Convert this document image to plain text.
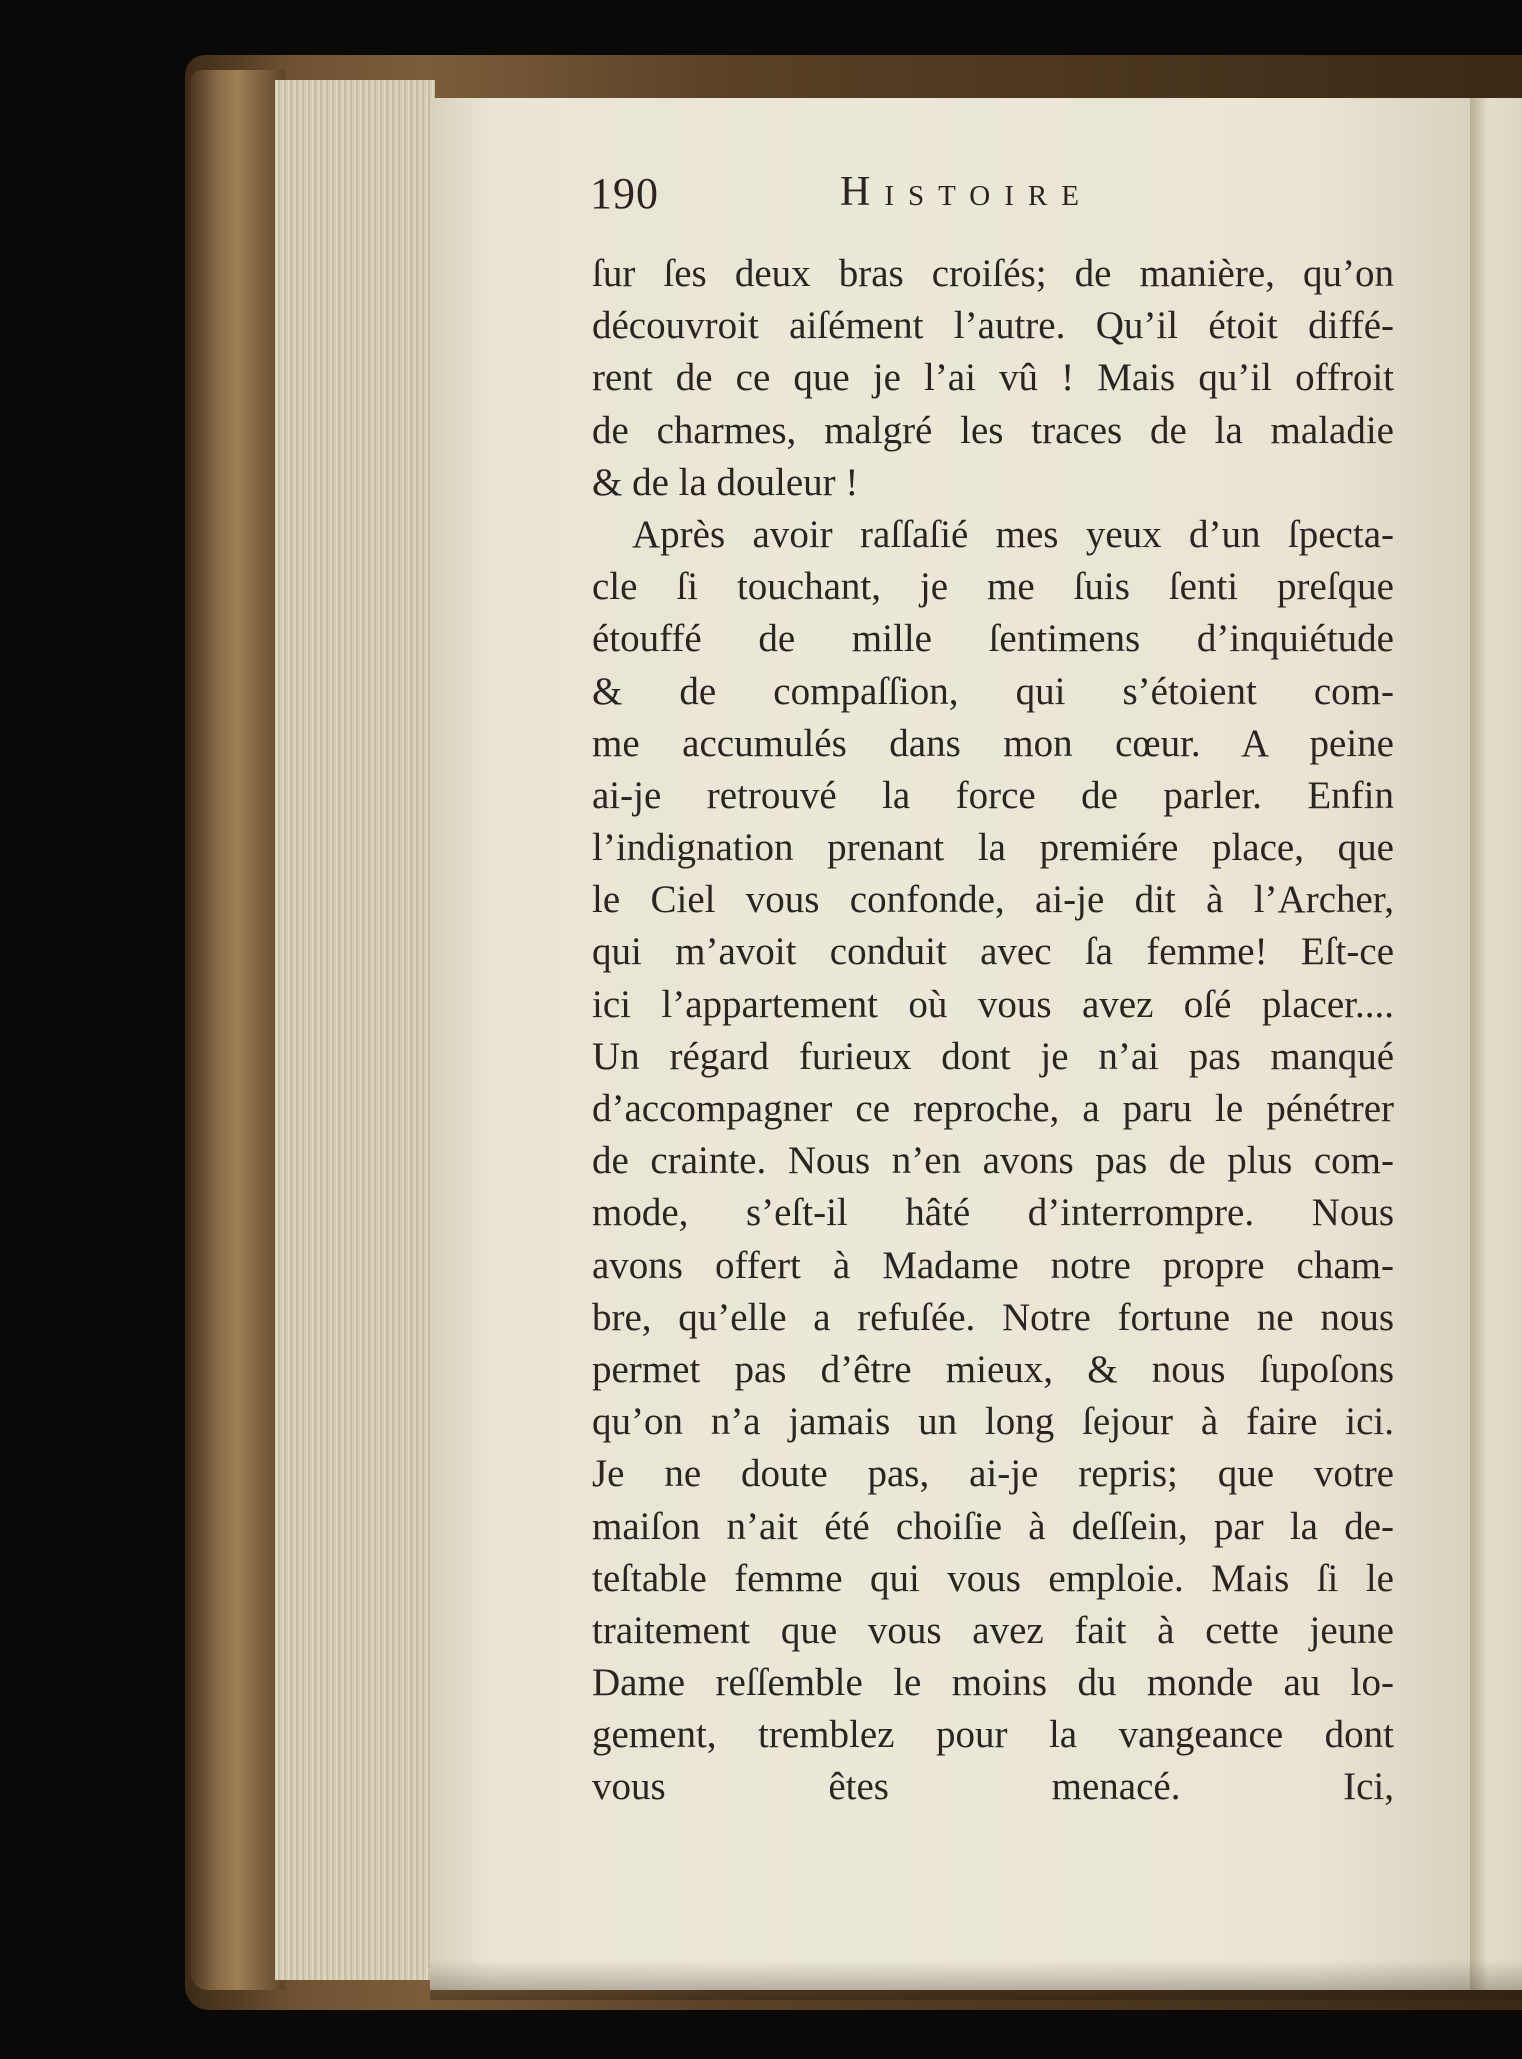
190	Histoire
ſur ſes deux bras croiſés; de manière, qu’on
découvroit aiſément l’autre. Qu’il étoit diffé-
rent de ce que je l’ai vû ! Mais qu’il offroit
de charmes, malgré les traces de la maladie
& de la douleur !
Après avoir raſſaſié mes yeux d’un ſpecta-
cle ſi touchant, je me ſuis ſenti preſque
étouffé de mille ſentimens d’inquiétude
& de compaſſion, qui s’étoient com-
me accumulés dans mon cœur. A peine
ai-je retrouvé la force de parler. Enfin
l’indignation prenant la premiére place, que
le Ciel vous confonde, ai-je dit à l’Archer,
qui m’avoit conduit avec ſa femme! Eſt-ce
ici l’appartement où vous avez oſé placer....
Un régard furieux dont je n’ai pas manqué
d’accompagner ce reproche, a paru le pénétrer
de crainte. Nous n’en avons pas de plus com-
mode, s’eſt-il hâté d’interrompre. Nous
avons offert à Madame notre propre cham-
bre, qu’elle a refuſée. Notre fortune ne nous
permet pas d’être mieux, & nous ſupoſons
qu’on n’a jamais un long ſejour à faire ici.
Je ne doute pas, ai-je repris; que votre
maiſon n’ait été choiſie à deſſein, par la de-
teſtable femme qui vous emploie. Mais ſi le
traitement que vous avez fait à cette jeune
Dame reſſemble le moins du monde au lo-
gement, tremblez pour la vangeance dont
vous êtes menacé. Ici,
